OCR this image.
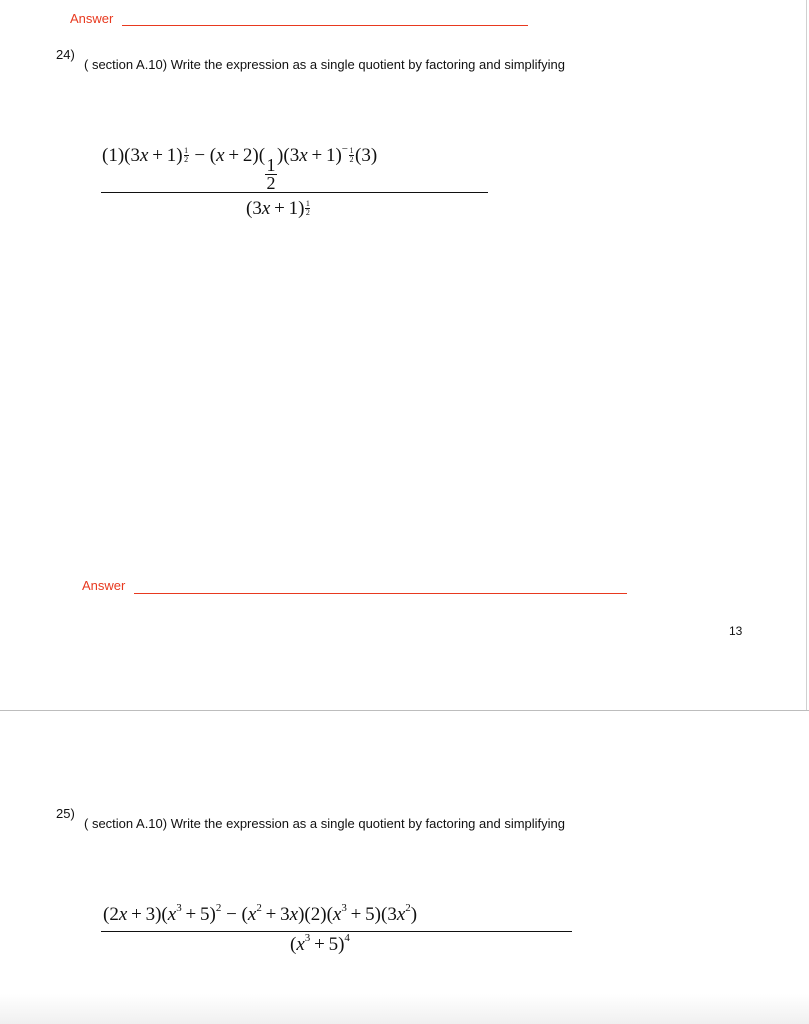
Answer
24)
( section A.10) Write the expression as a single quotient by factoring and simplifying
$(1)(3x + 1) \frac{1}{2} - (x + 2)$(
$\frac{1}{2}$
)$(3x + 1)^- \frac{1}{2} (3)$
$(3x + 1) \frac{1}{2}$
Answer
13
25)
( section A.10) Write the expression as a single quotient by factoring and simplifying
$(2x + 3)(x^3 + 5)^2 - (x^2 + 3x)(2)(x^3 + 5)(3x^2)$
$(x^3 + 5)^4$
